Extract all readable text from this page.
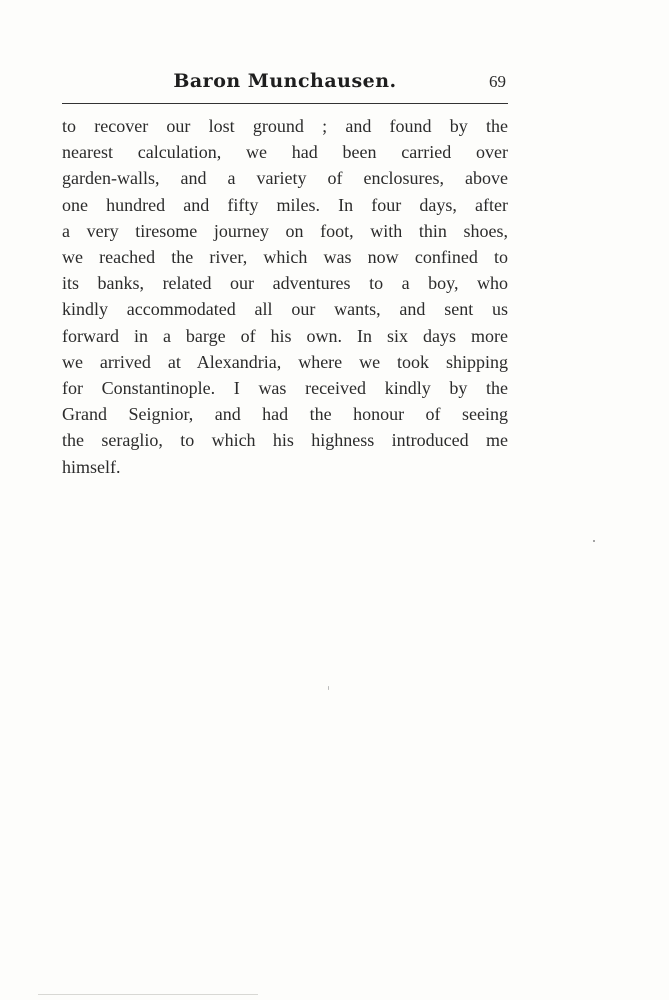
Baron Munchausen.	69
to recover our lost ground ; and found by the
nearest calculation, we had been carried over
garden-walls, and a variety of enclosures, above
one hundred and fifty miles. In four days, after
a very tiresome journey on foot, with thin shoes,
we reached the river, which was now confined to
its banks, related our adventures to a boy, who
kindly accommodated all our wants, and sent us
forward in a barge of his own. In six days more
we arrived at Alexandria, where we took shipping
for Constantinople. I was received kindly by the
Grand Seignior, and had the honour of seeing
the seraglio, to which his highness introduced me
himself.
